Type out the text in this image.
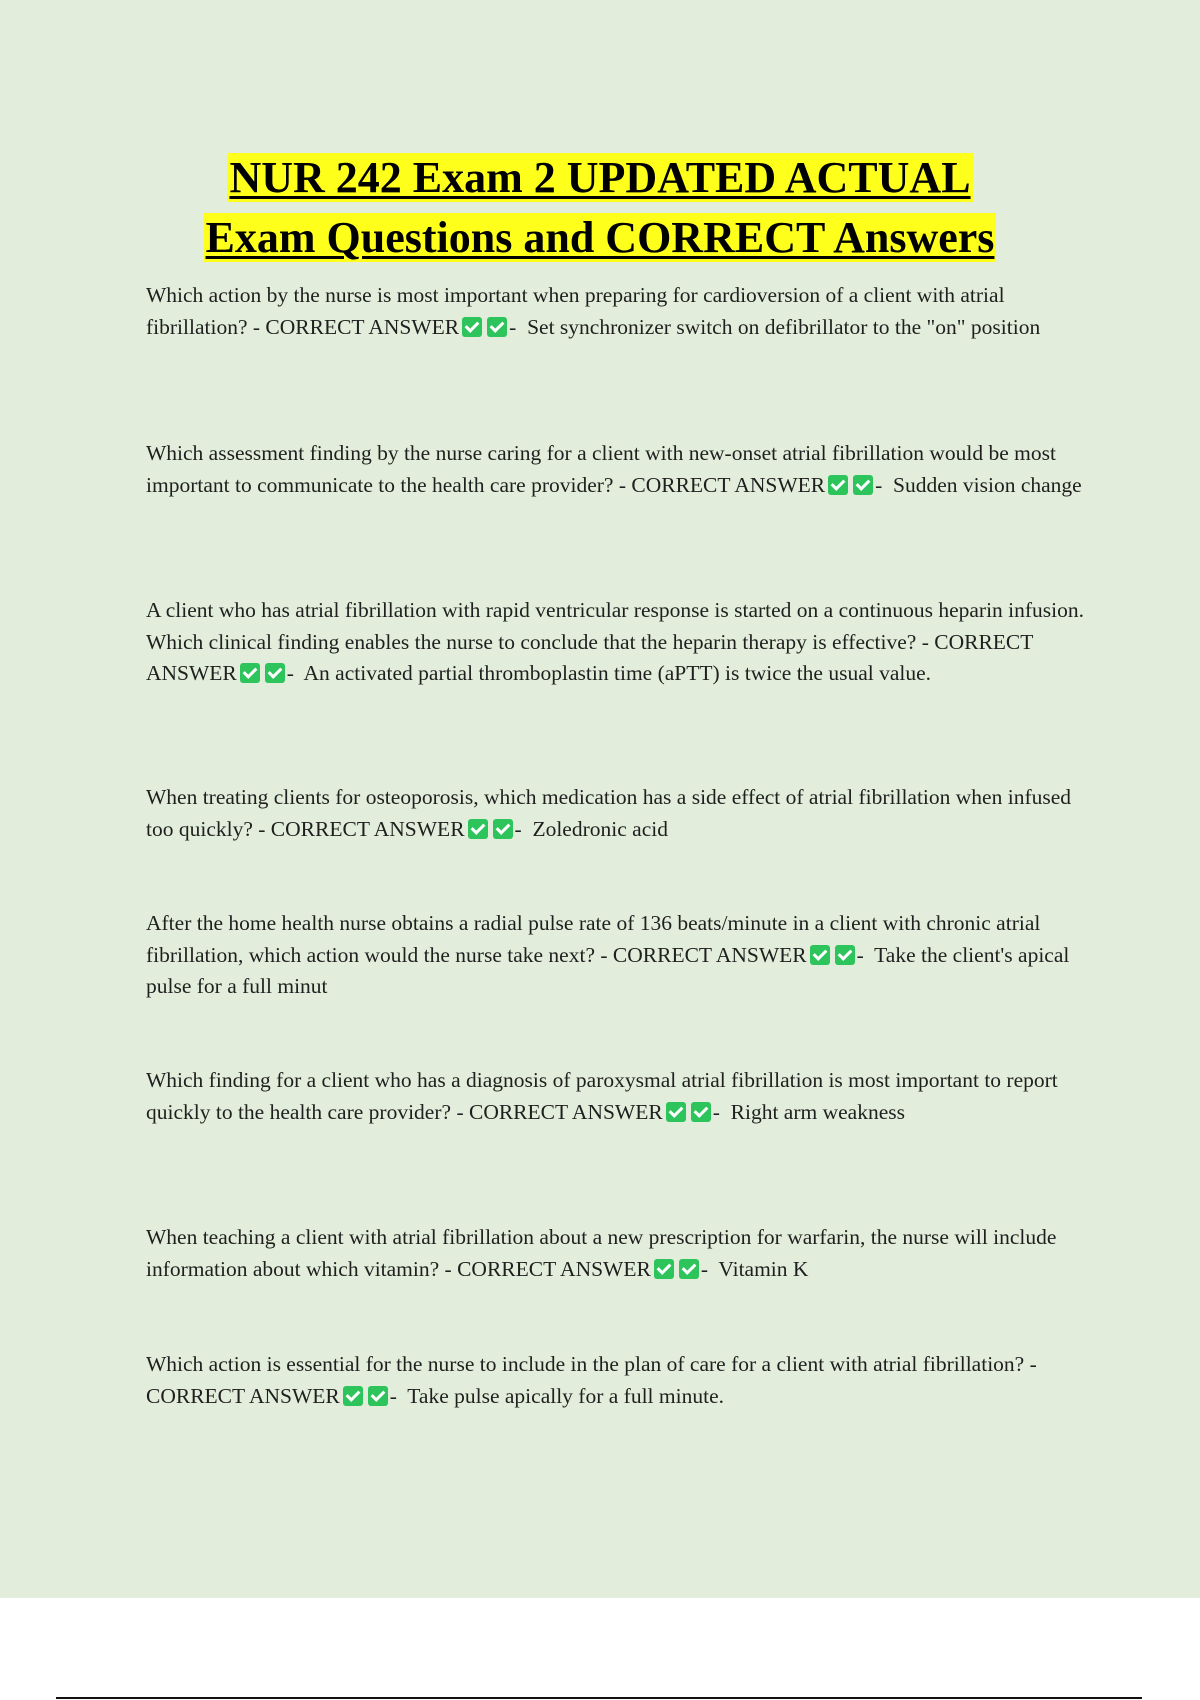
NUR 242 Exam 2 UPDATED ACTUAL
Exam Questions and CORRECT Answers

Which action by the nurse is most important when preparing for cardioversion of a client with atrial fibrillation? - CORRECT ANSWER - Set synchronizer switch on defibrillator to the "on" position

Which assessment finding by the nurse caring for a client with new-onset atrial fibrillation would be most important to communicate to the health care provider? - CORRECT ANSWER - Sudden vision change

A client who has atrial fibrillation with rapid ventricular response is started on a continuous heparin infusion. Which clinical finding enables the nurse to conclude that the heparin therapy is effective? - CORRECT ANSWER - An activated partial thromboplastin time (aPTT) is twice the usual value.

When treating clients for osteoporosis, which medication has a side effect of atrial fibrillation when infused too quickly? - CORRECT ANSWER - Zoledronic acid

After the home health nurse obtains a radial pulse rate of 136 beats/minute in a client with chronic atrial fibrillation, which action would the nurse take next? - CORRECT ANSWER - Take the client's apical pulse for a full minut

Which finding for a client who has a diagnosis of paroxysmal atrial fibrillation is most important to report quickly to the health care provider? - CORRECT ANSWER - Right arm weakness

When teaching a client with atrial fibrillation about a new prescription for warfarin, the nurse will include information about which vitamin? - CORRECT ANSWER - Vitamin K

Which action is essential for the nurse to include in the plan of care for a client with atrial fibrillation? - CORRECT ANSWER - Take pulse apically for a full minute.
